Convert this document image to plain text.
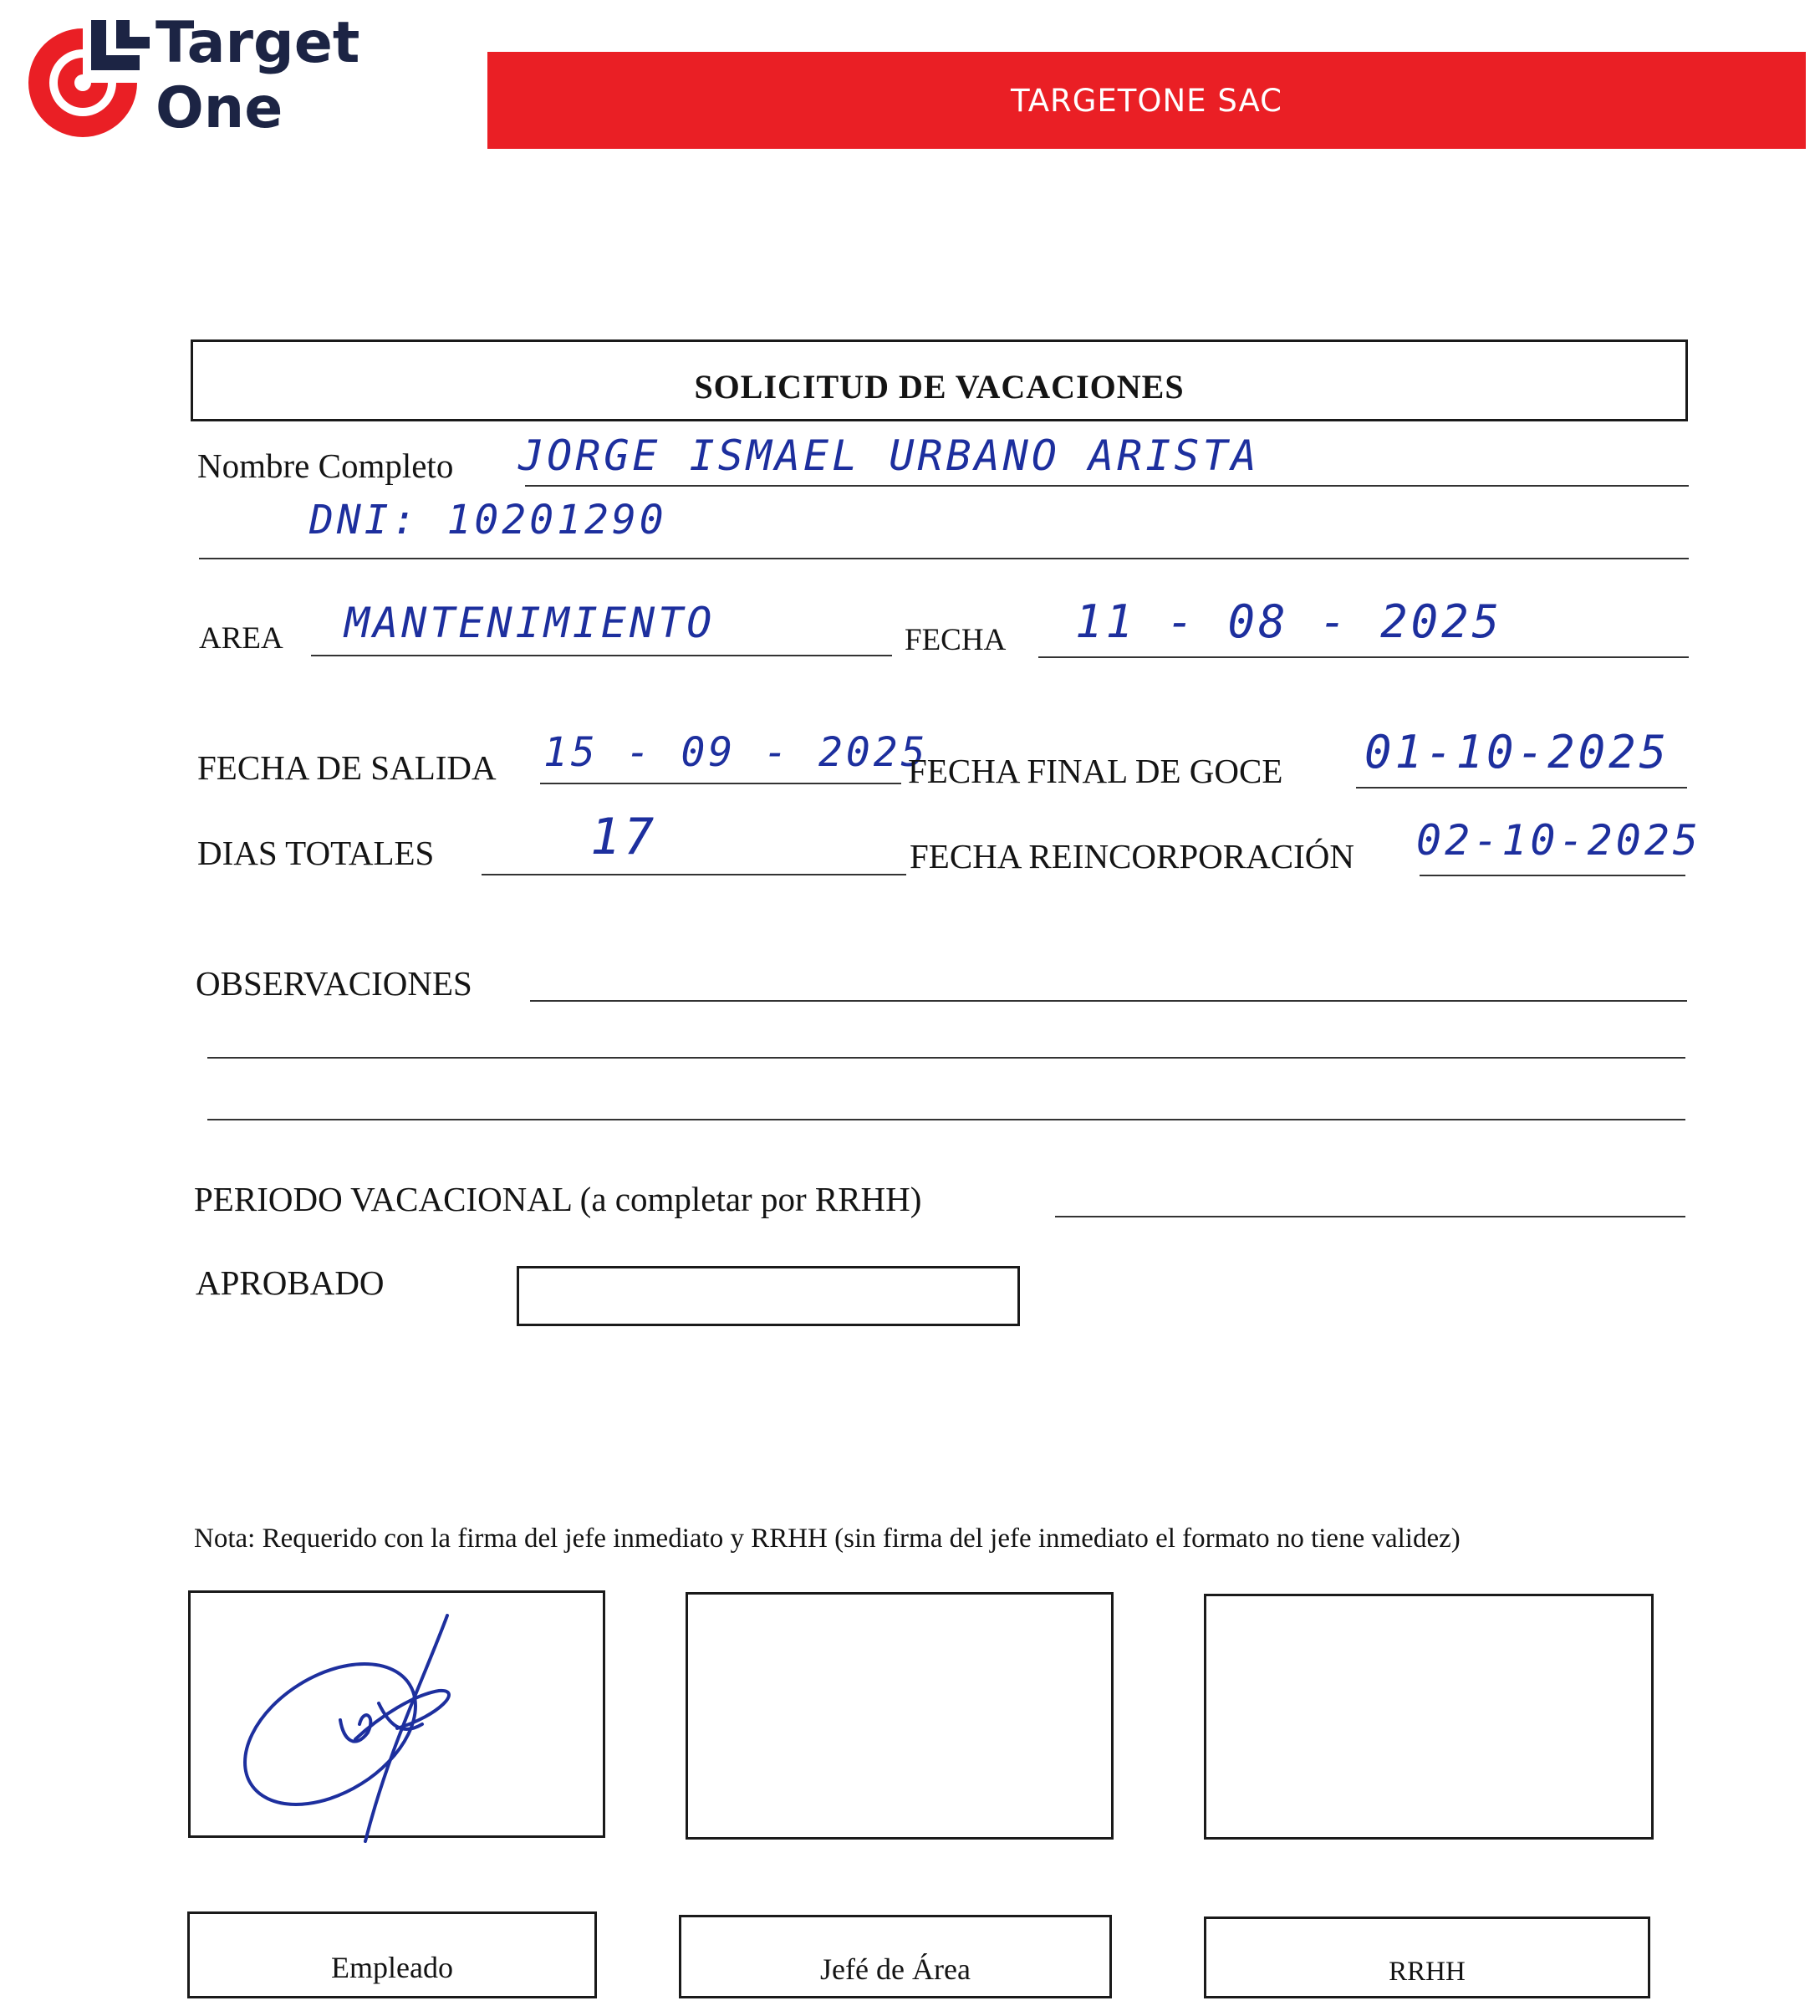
Target
One	TARGETONE SAC
SOLICITUD DE VACACIONES
Nombre Completo JORGE ISMAEL URBANO ARISTA
DNI: 10201290
AREA MANTENIMIENTO	FECHA 11 - 08 - 2025
FECHA DE SALIDA 15 - 09 - 2025
FECHA FINAL DE GOCE 01-10-2025
DIAS TOTALES	17	FECHA REINCORPORACIÓN 02-10-2025
OBSERVACIONES
PERIODO VACACIONAL (a completar por RRHH)
APROBADO
Nota: Requerido con la firma del jefe inmediato y RRHH (sin firma del jefe inmediato el formato no tiene validez)
Empleado	Jefé de Área	RRHH
